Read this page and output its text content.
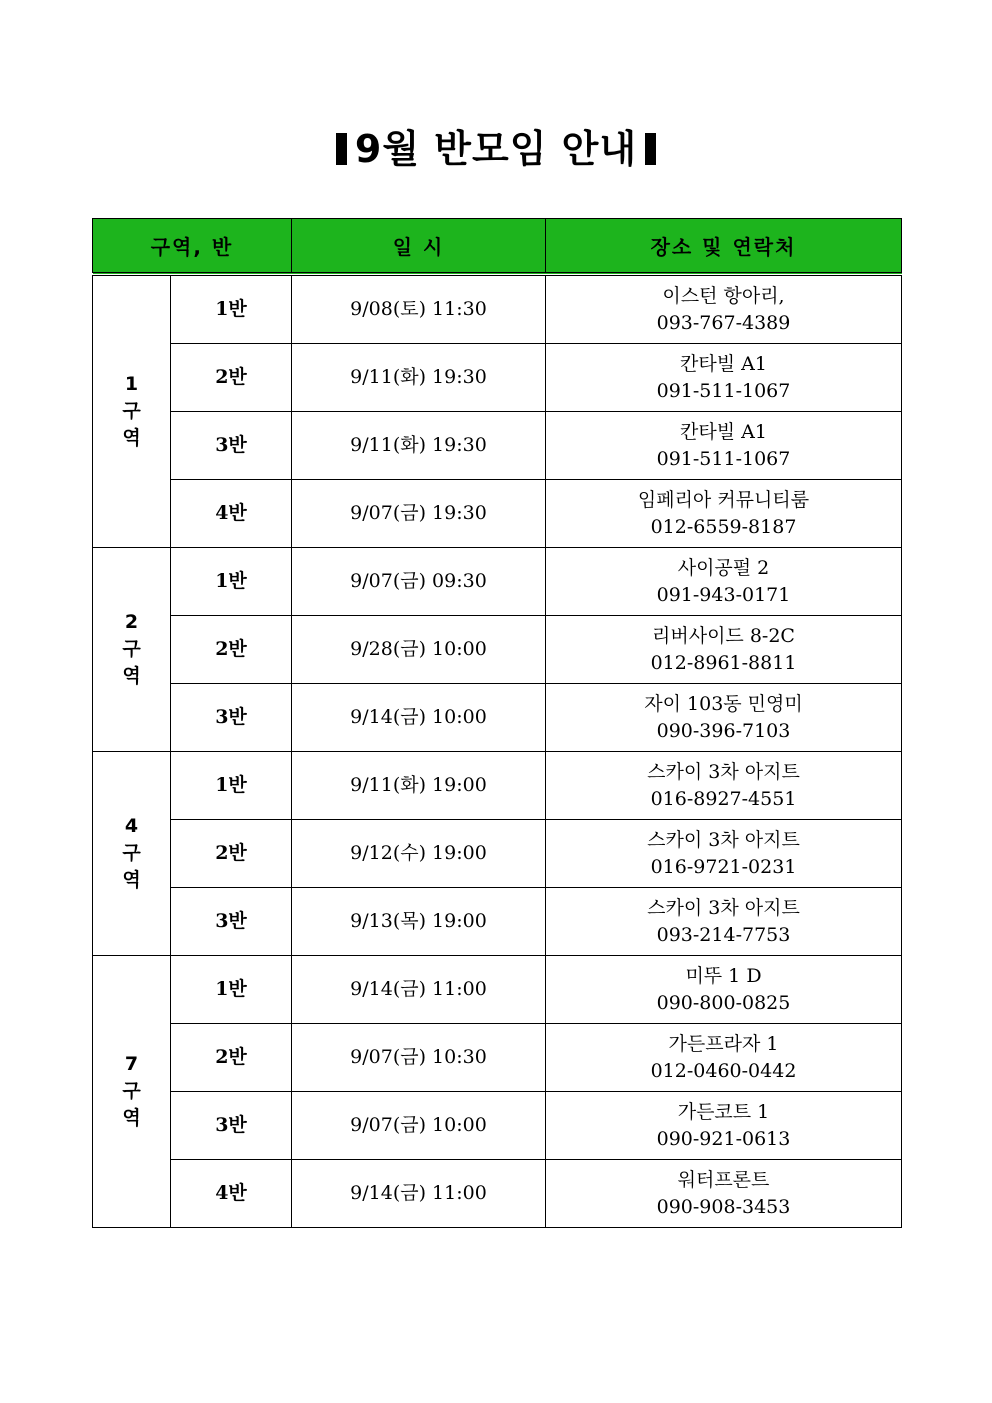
9월 반모임 안내
구역, 반		일 시	장소 및 연락처

1
구
역	1반	9/08(토) 11:30	이스턴 항아리,
093-767-4389

	2반	9/11(화) 19:30	칸타빌 A1
091-511-1067

	3반	9/11(화) 19:30	칸타빌 A1
091-511-1067

	4반	9/07(금) 19:30	임페리아 커뮤니티룸
012-6559-8187

2
구
역	1반	9/07(금) 09:30	사이공펄 2
091-943-0171

	2반	9/28(금) 10:00	리버사이드 8-2C
012-8961-8811

	3반	9/14(금) 10:00	자이 103동 민영미
090-396-7103

4
구
역	1반	9/11(화) 19:00	스카이 3차 아지트
016-8927-4551

	2반	9/12(수) 19:00	스카이 3차 아지트
016-9721-0231

	3반	9/13(목) 19:00	스카이 3차 아지트
093-214-7753

7
구
역	1반	9/14(금) 11:00	미뚜 1 D
090-800-0825

	2반	9/07(금) 10:30	가든프라자 1
012-0460-0442

	3반	9/07(금) 10:00	가든코트 1
090-921-0613

	4반	9/14(금) 11:00	워터프론트
090-908-3453
